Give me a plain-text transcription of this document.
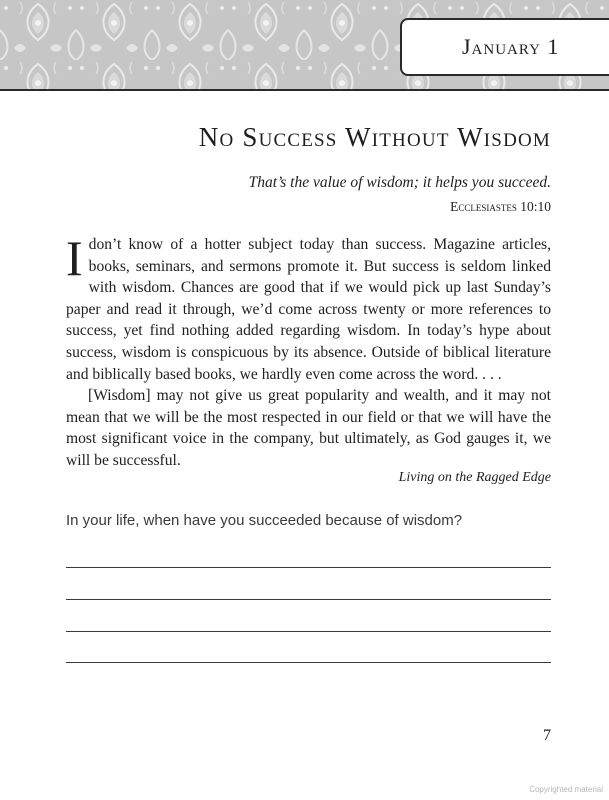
January 1
No Success Without Wisdom
That’s the value of wisdom; it helps you succeed.
Ecclesiastes 10:10

I don’t know of a hotter subject today than success. Magazine articles, books, seminars, and sermons promote it. But success is seldom linked with wisdom. Chances are good that if we would pick up last Sunday’s paper and read it through, we’d come across twenty or more references to success, yet find nothing added regarding wisdom. In today’s hype about success, wisdom is conspicuous by its absence. Outside of biblical literature and biblically based books, we hardly even come across the word. . . .

[Wisdom] may not give us great popularity and wealth, and it may not mean that we will be the most respected in our field or that we will have the most significant voice in the company, but ultimately, as God gauges it, we will be successful.

Living on the Ragged Edge
In your life, when have you succeeded because of wisdom?
7
Copyrighted material
